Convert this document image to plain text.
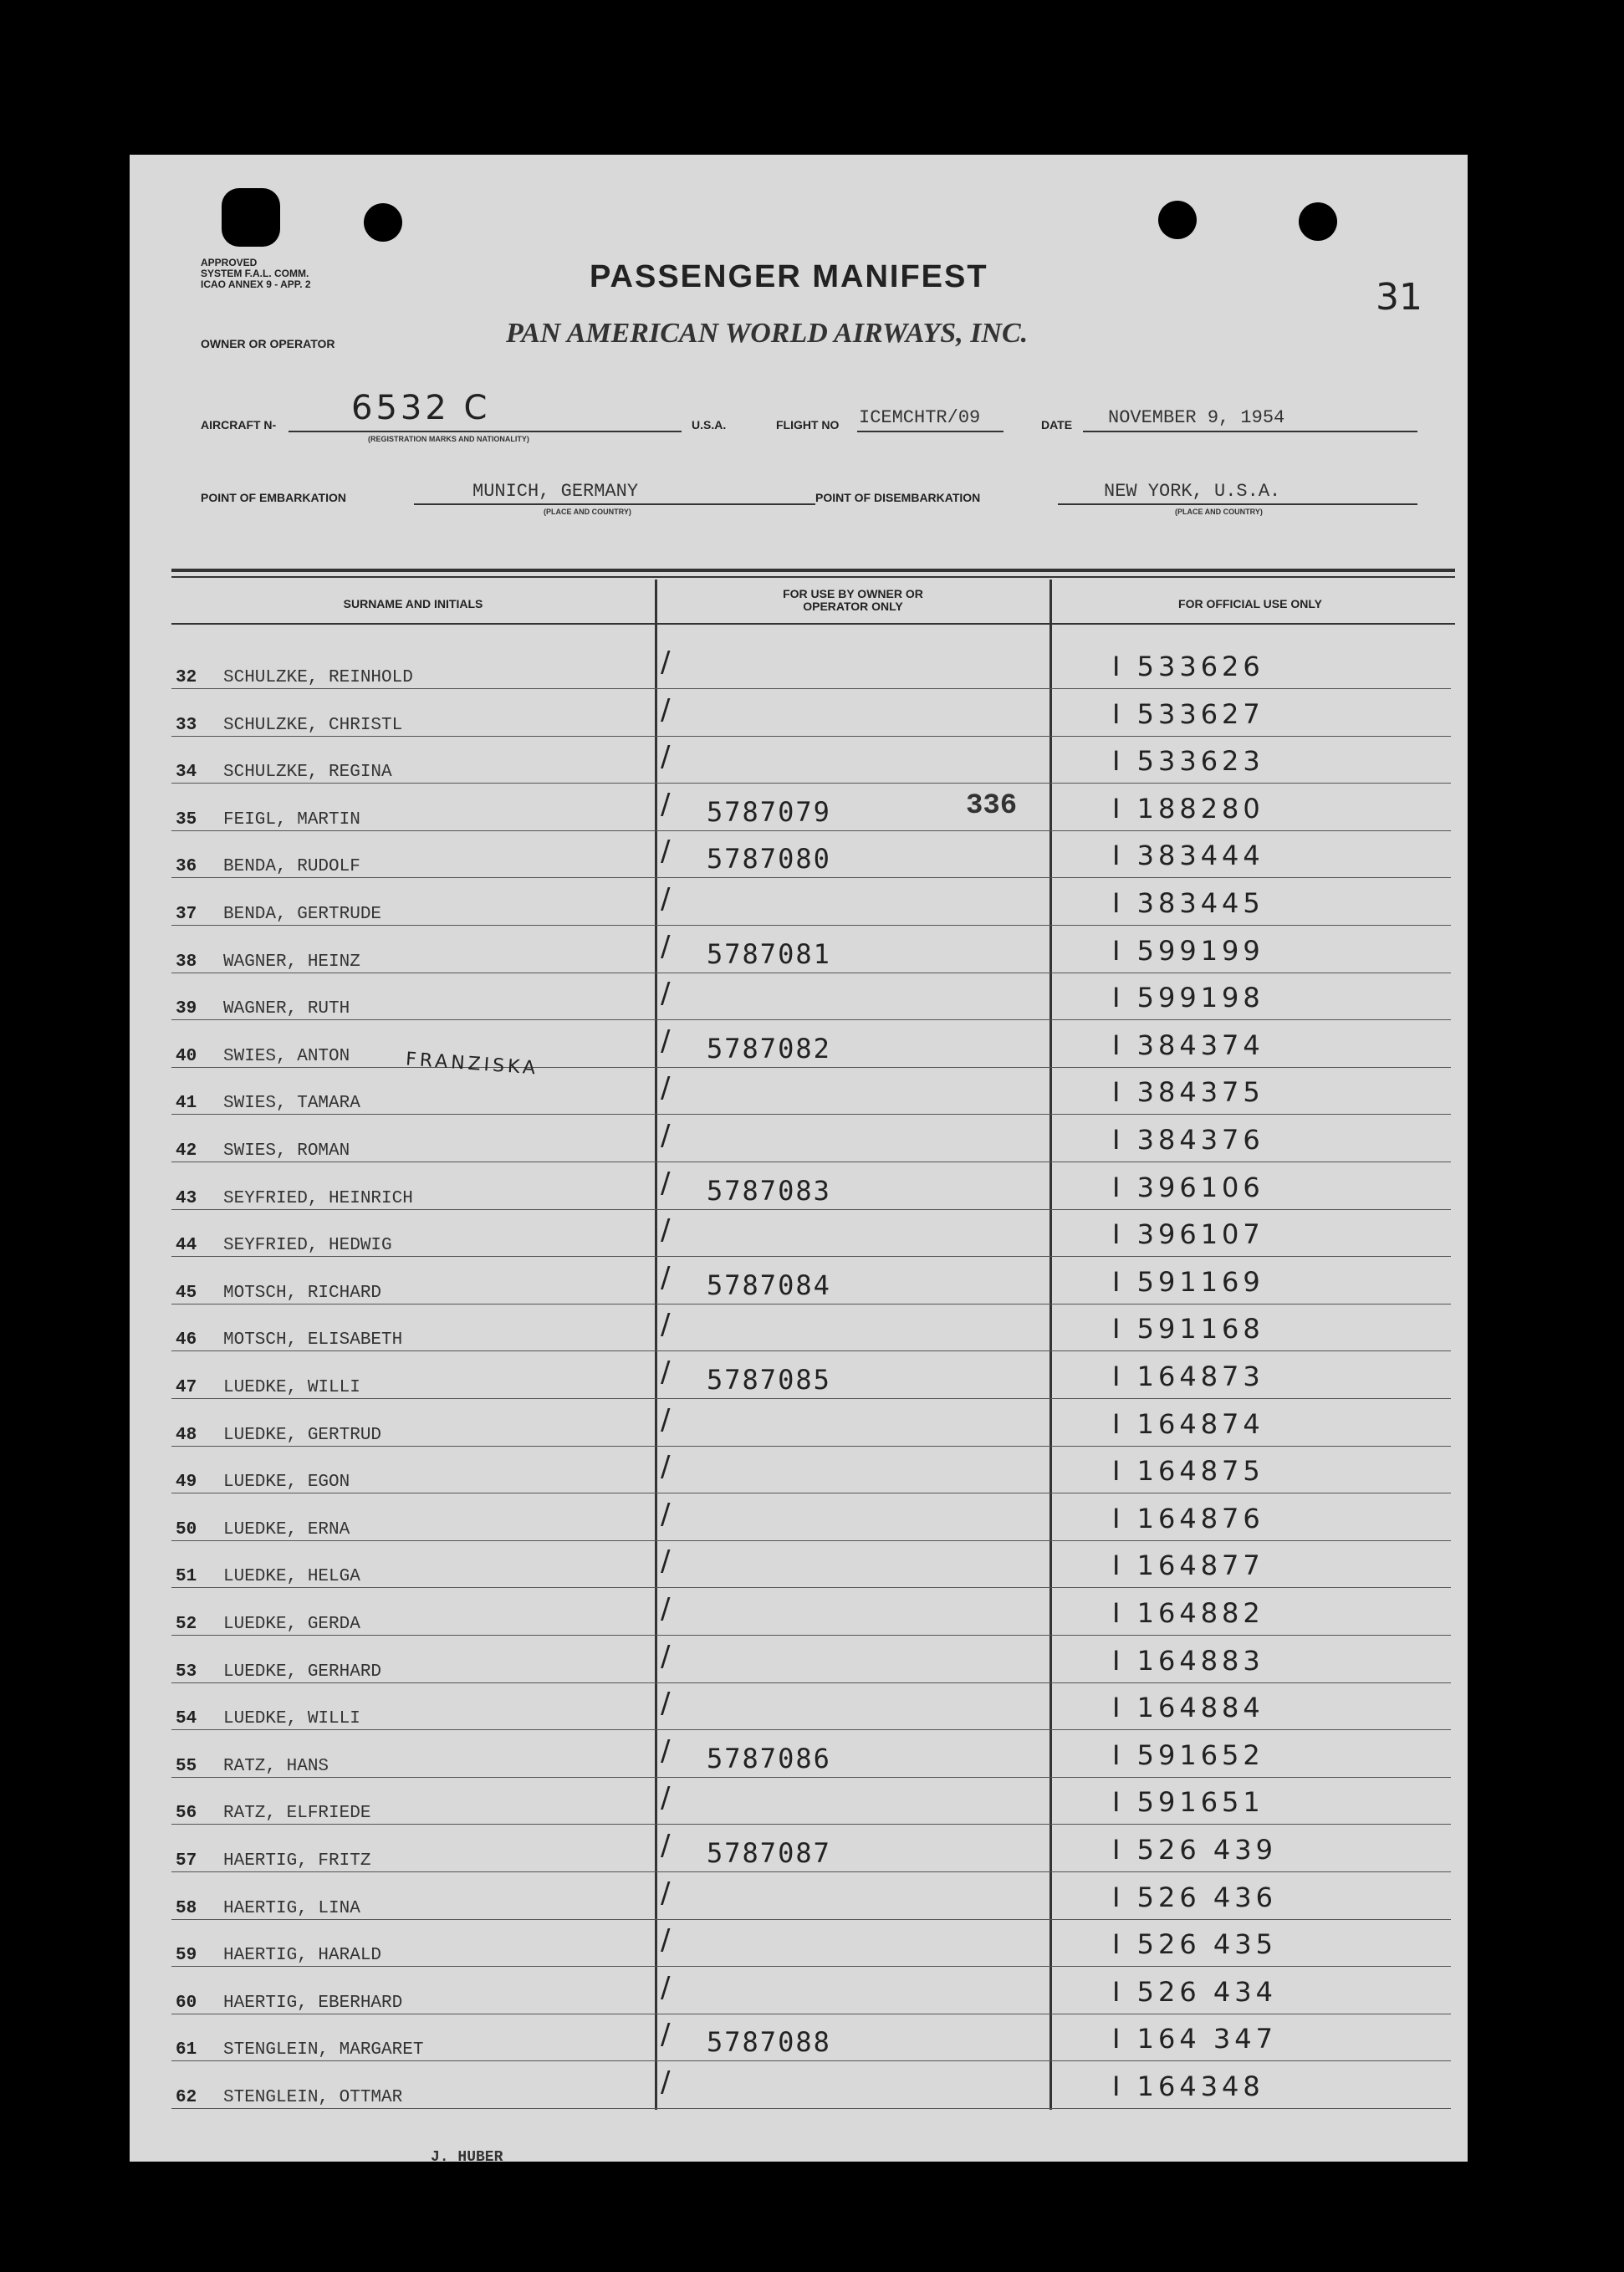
APPROVED
SYSTEM F.A.L. COMM.
ICAO ANNEX 9 - APP. 2	PASSENGER MANIFEST	31
OWNER OR OPERATOR	PAN AMERICAN WORLD AIRWAYS, INC.
AIRCRAFT N- 6532 C
(REGISTRATION MARKS AND NATIONALITY)
U.S.A.	FLIGHT NO ICEMCHTR/09	DATE NOVEMBER 9, 1954
POINT OF EMBARKATION	MUNICH, GERMANY
(PLACE AND COUNTRY)
POINT OF DISEMBARKATION	NEW YORK, U.S.A.
(PLACE AND COUNTRY)
SURNAME AND INITIALS
FOR USE BY OWNER OR OPERATOR ONLY	FOR OFFICIAL USE ONLY
32 SCHULZKE, REINHOLD	/	I 533626
33 SCHULZKE, CHRISTL	/	I 533627
34 SCHULZKE, REGINA	/	I 533623
35 FEIGL, MARTIN	/ 5787079	I 188280
36 BENDA, RUDOLF	/ 5787080	I 383444
37 BENDA, GERTRUDE	/	I 383445
38 WAGNER, HEINZ	/ 5787081	I 599199
39 WAGNER, RUTH	/	I 599198
40 SWIES, ANTON	/ 5787082	I 384374
41 SWIES, TAMARA	/	I 384375
42 SWIES, ROMAN	/	I 384376
43 SEYFRIED, HEINRICH	/ 5787083	I 396106
44 SEYFRIED, HEDWIG	/	I 396107
45 MOTSCH, RICHARD	/ 5787084	I 591169
46 MOTSCH, ELISABETH	/	I 591168
47 LUEDKE, WILLI	/ 5787085	I 164873
48 LUEDKE, GERTRUD	/	I 164874
49 LUEDKE, EGON	/	I 164875
50 LUEDKE, ERNA	/	I 164876
51 LUEDKE, HELGA	/	I 164877
52 LUEDKE, GERDA	/	I 164882
53 LUEDKE, GERHARD	/	I 164883
54 LUEDKE, WILLI	/	I 164884
55 RATZ, HANS	/ 5787086	I 591652
56 RATZ, ELFRIEDE	/	I 591651
57 HAERTIG, FRITZ	/ 5787087	I 526 439
58 HAERTIG, LINA	/	I 526 436
59 HAERTIG, HARALD	/	I 526 435
60 HAERTIG, EBERHARD	/	I 526 434
61 STENGLEIN, MARGARET	/ 5787088	I 164 347
62 STENGLEIN, OTTMAR	/	I 164348
336
FRANZISKA
J. HUBER
